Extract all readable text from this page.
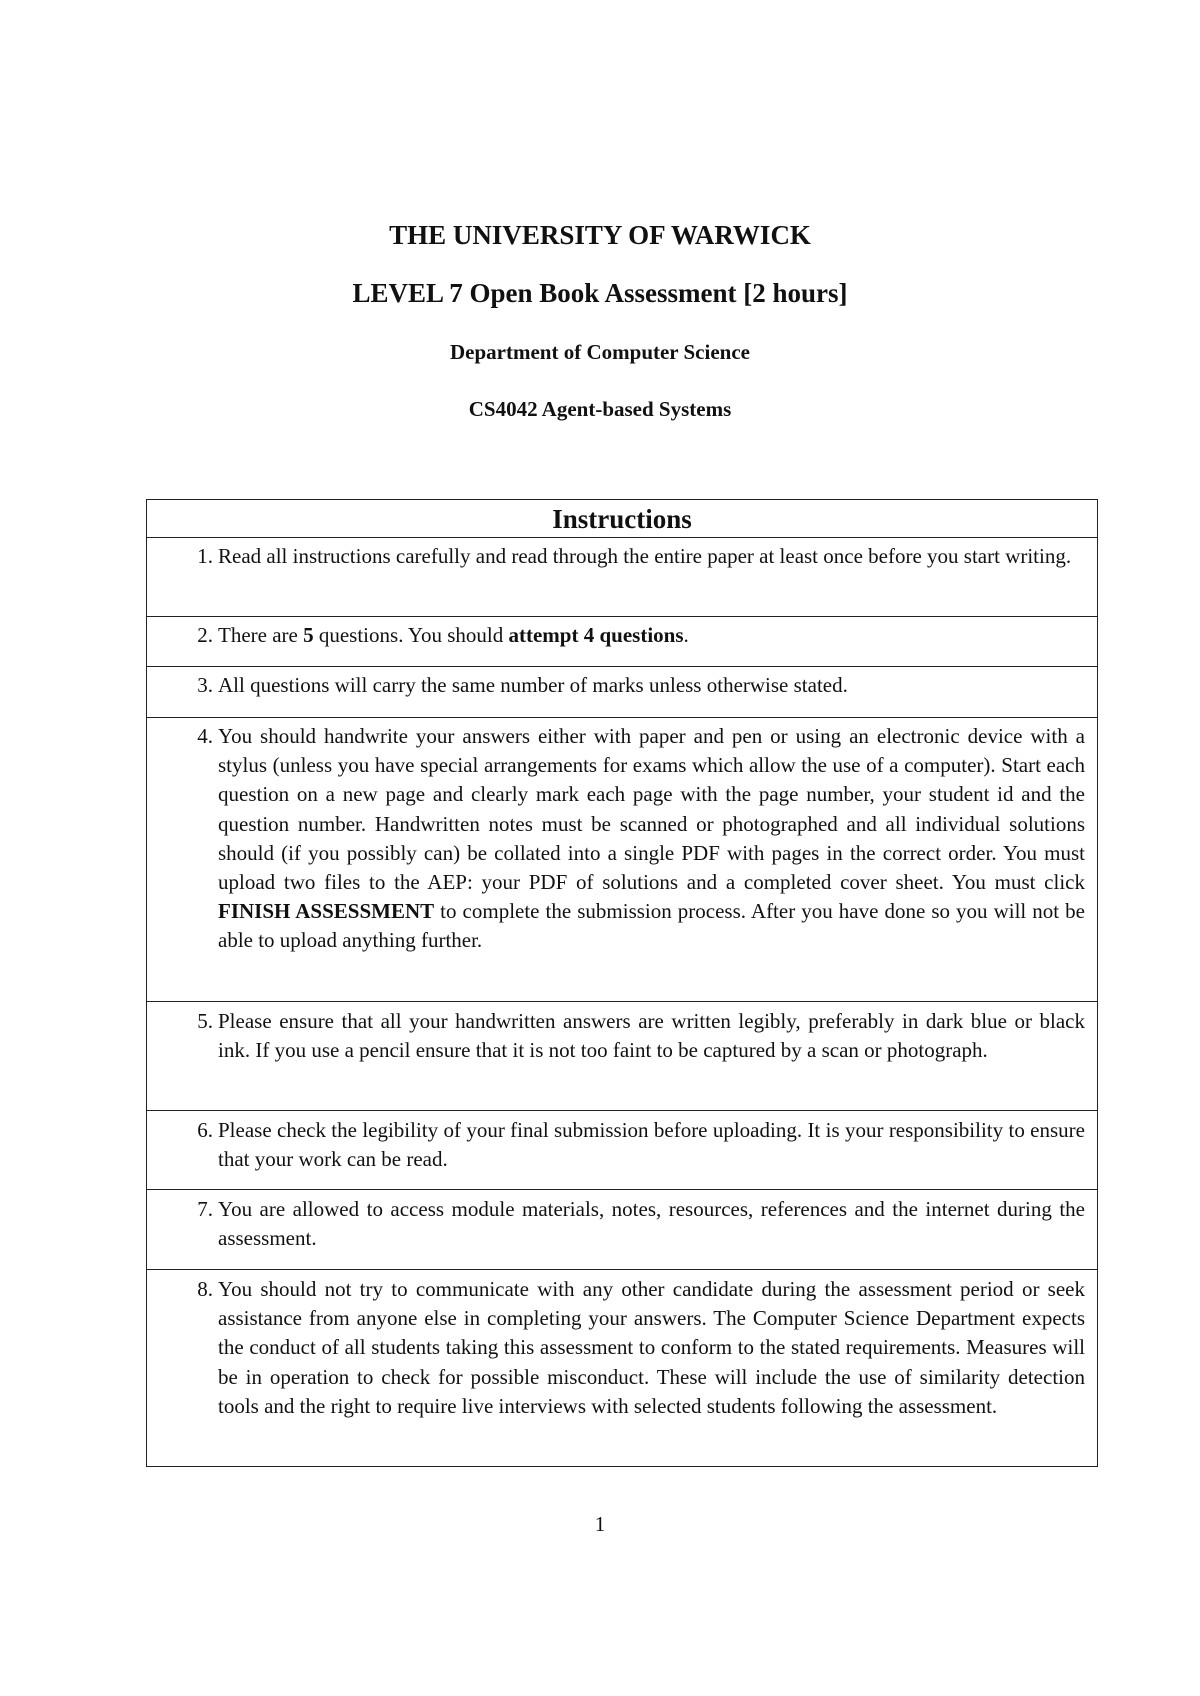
THE UNIVERSITY OF WARWICK
LEVEL 7 Open Book Assessment [2 hours]
Department of Computer Science
CS4042 Agent-based Systems
Instructions
1. Read all instructions carefully and read through the entire paper at least once before you start writing.
2. There are 5 questions. You should attempt 4 questions.
3. All questions will carry the same number of marks unless otherwise stated.
4. You should handwrite your answers either with paper and pen or using an electronic device with a stylus (unless you have special arrangements for exams which allow the use of a computer). Start each question on a new page and clearly mark each page with the page number, your student id and the question number. Handwritten notes must be scanned or photographed and all individual solutions should (if you possibly can) be collated into a single PDF with pages in the correct order. You must upload two files to the AEP: your PDF of solutions and a completed cover sheet. You must click FINISH ASSESSMENT to complete the submission process. After you have done so you will not be able to upload anything further.
5. Please ensure that all your handwritten answers are written legibly, preferably in dark blue or black ink. If you use a pencil ensure that it is not too faint to be captured by a scan or photograph.
6. Please check the legibility of your final submission before uploading. It is your responsibility to ensure that your work can be read.
7. You are allowed to access module materials, notes, resources, references and the internet during the assessment.
8. You should not try to communicate with any other candidate during the assessment period or seek assistance from anyone else in completing your answers. The Computer Science Department expects the conduct of all students taking this assessment to conform to the stated requirements. Measures will be in operation to check for possible misconduct. These will include the use of similarity detection tools and the right to require live interviews with selected students following the assessment.
1
